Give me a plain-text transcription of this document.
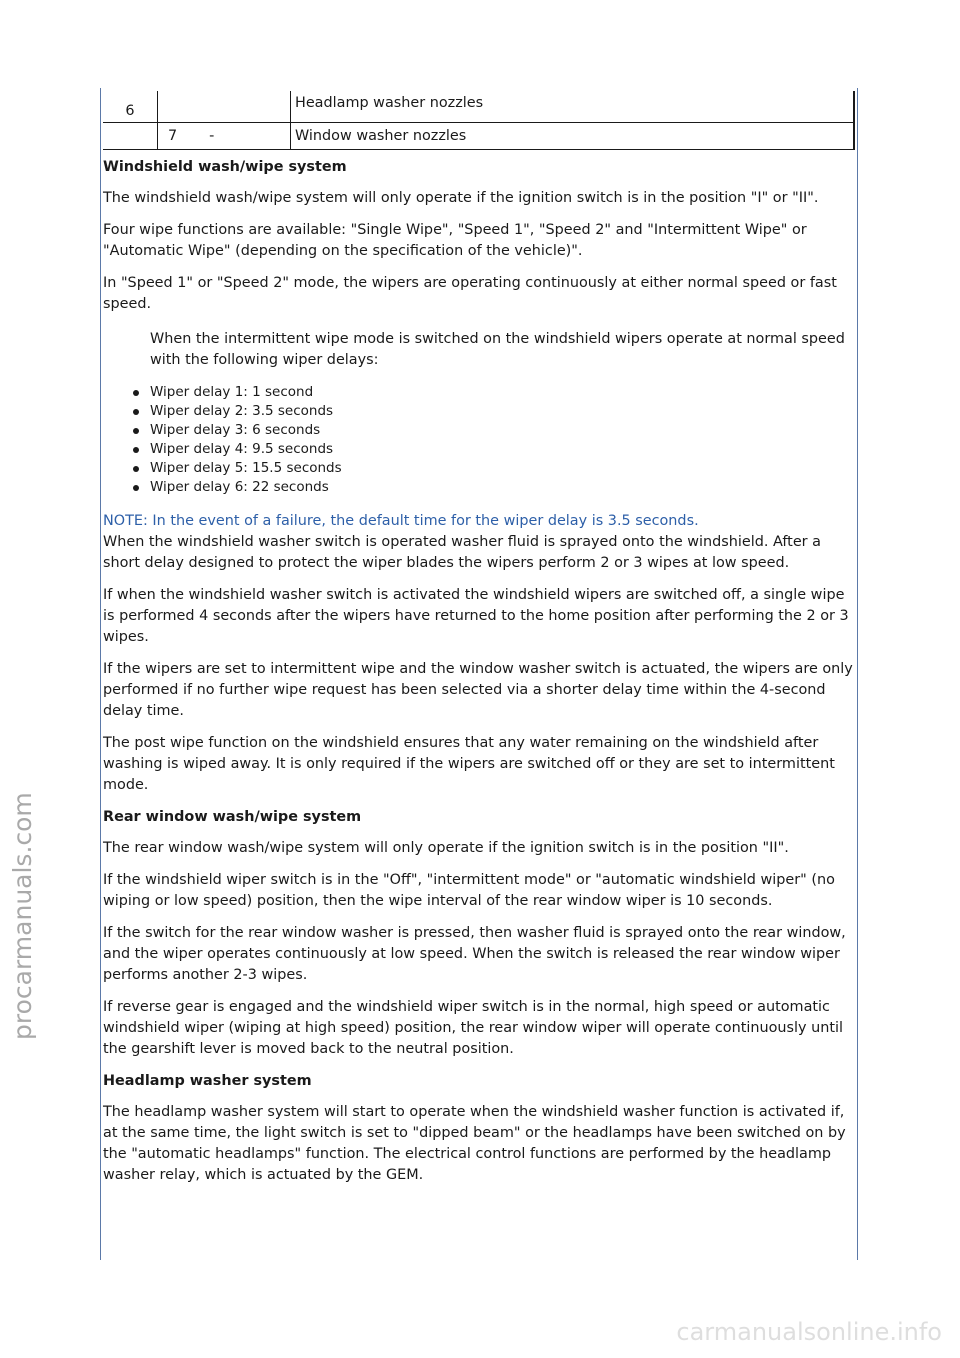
procarmanuals.com
carmanualsonline.info
6		Headlamp washer nozzles
	7       -	Window washer nozzles
Windshield wash/wipe system

The windshield wash/wipe system will only operate if the ignition switch is in the position "I" or "II".

Four wipe functions are available: "Single Wipe", "Speed 1", "Speed 2" and "Intermittent Wipe" or "Automatic Wipe" (depending on the specification of the vehicle)".

In "Speed 1" or "Speed 2" mode, the wipers are operating continuously at either normal speed or fast speed.

When the intermittent wipe mode is switched on the windshield wipers operate at normal speed with the following wiper delays:

Wiper delay 1: 1 second
Wiper delay 2: 3.5 seconds
Wiper delay 3: 6 seconds
Wiper delay 4: 9.5 seconds
Wiper delay 5: 15.5 seconds
Wiper delay 6: 22 seconds

NOTE: In the event of a failure, the default time for the wiper delay is 3.5 seconds.

When the windshield washer switch is operated washer fluid is sprayed onto the windshield. After a short delay designed to protect the wiper blades the wipers perform 2 or 3 wipes at low speed.

If when the windshield washer switch is activated the windshield wipers are switched off, a single wipe is performed 4 seconds after the wipers have returned to the home position after performing the 2 or 3 wipes.

If the wipers are set to intermittent wipe and the window washer switch is actuated, the wipers are only performed if no further wipe request has been selected via a shorter delay time within the 4-second delay time.

The post wipe function on the windshield ensures that any water remaining on the windshield after washing is wiped away. It is only required if the wipers are switched off or they are set to intermittent mode.

Rear window wash/wipe system

The rear window wash/wipe system will only operate if the ignition switch is in the position "II".

If the windshield wiper switch is in the "Off", "intermittent mode" or "automatic windshield wiper" (no wiping or low speed) position, then the wipe interval of the rear window wiper is 10 seconds.

If the switch for the rear window washer is pressed, then washer fluid is sprayed onto the rear window, and the wiper operates continuously at low speed. When the switch is released the rear window wiper performs another 2-3 wipes.

If reverse gear is engaged and the windshield wiper switch is in the normal, high speed or automatic windshield wiper (wiping at high speed) position, the rear window wiper will operate continuously until the gearshift lever is moved back to the neutral position.

Headlamp washer system

The headlamp washer system will start to operate when the windshield washer function is activated if, at the same time, the light switch is set to "dipped beam" or the headlamps have been switched on by the "automatic headlamps" function. The electrical control functions are performed by the headlamp washer relay, which is actuated by the GEM.
